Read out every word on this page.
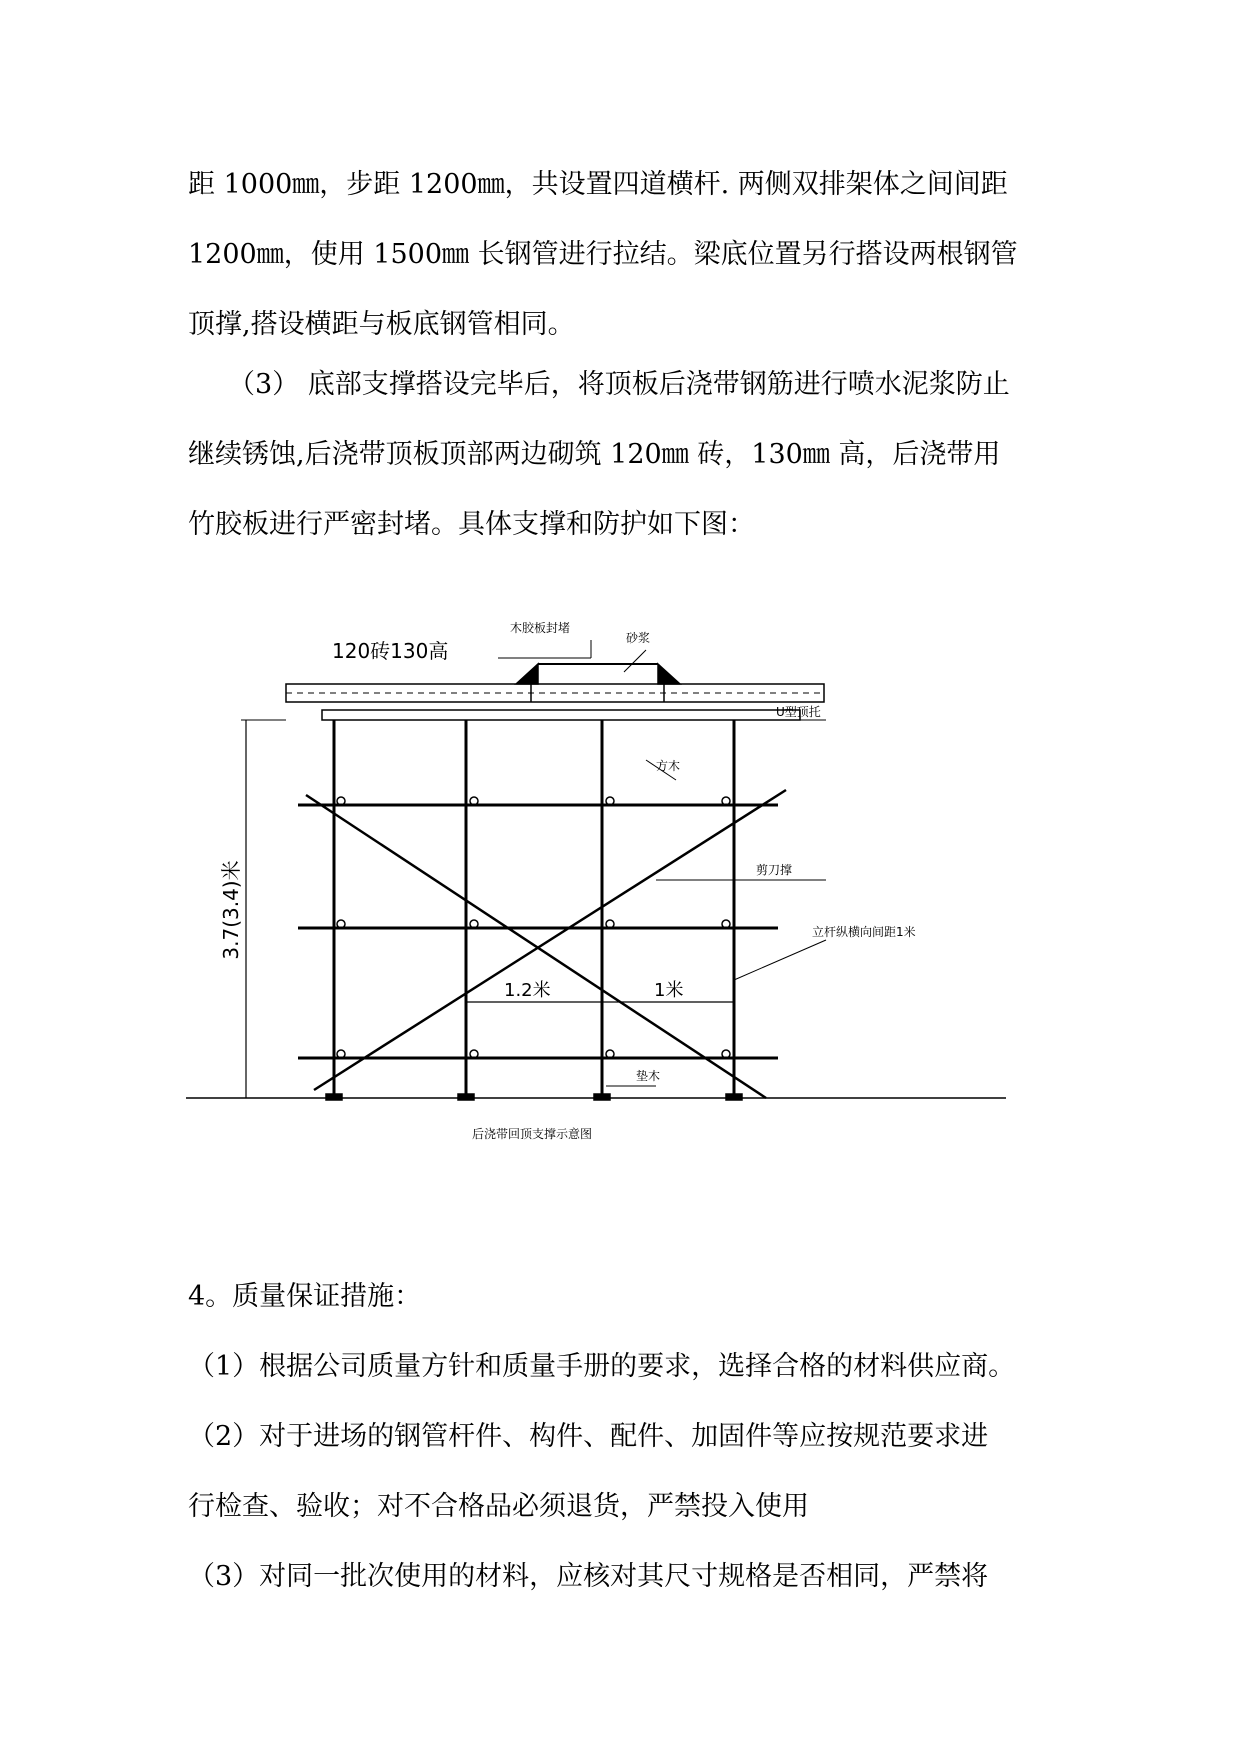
距 1000㎜，步距 1200㎜，共设置四道横杆. 两侧双排架体之间间距
1200㎜，使用 1500㎜ 长钢管进行拉结。梁底位置另行搭设两根钢管
顶撑,搭设横距与板底钢管相同。
（3） 底部支撑搭设完毕后，将顶板后浇带钢筋进行喷水泥浆防止
继续锈蚀,后浇带顶板顶部两边砌筑 120㎜ 砖，130㎜ 高，后浇带用
竹胶板进行严密封堵。具体支撑和防护如下图：
120砖130高
木胶板封堵
砂浆
U型顶托
方木
剪刀撑
立杆纵横向间距1米
3.7(3.4)米
1.2米	1米
垫木
后浇带回顶支撑示意图
4。质量保证措施：
（1）根据公司质量方针和质量手册的要求，选择合格的材料供应商。
（2）对于进场的钢管杆件、构件、配件、加固件等应按规范要求进
行检查、验收；对不合格品必须退货，严禁投入使用
（3）对同一批次使用的材料，应核对其尺寸规格是否相同，严禁将
